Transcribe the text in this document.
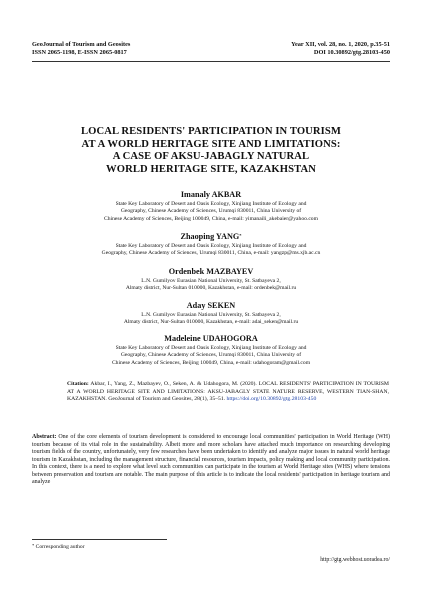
GeoJournal of Tourism and Geosites
ISSN 2065-1198, E-ISSN 2065-0817
Year XII, vol. 28, no. 1, 2020, p.35-51
DOI 10.30892/gtg.28103-450
LOCAL RESIDENTS' PARTICIPATION IN TOURISM
AT A WORLD HERITAGE SITE AND LIMITATIONS:
A CASE OF AKSU-JABAGLY NATURAL
WORLD HERITAGE SITE, KAZAKHSTAN
Imanaly AKBAR
State Key Laboratory of Desert and Oasis Ecology, Xinjiang Institute of Ecology and
Geography, Chinese Academy of Sciences, Urumqi 830011, China University of
Chinese Academy of Sciences, Beijing 100049, China, e-mail: yimanaili_akebaier@yahoo.com
Zhaoping YANG*
State Key Laboratory of Desert and Oasis Ecology, Xinjiang Institute of Ecology and
Geography, Chinese Academy of Sciences, Urumqi 830011, China, e-mail: yangzp@ms.xjb.ac.cn
Ordenbek MAZBAYEV
L.N. Gumilyov Eurasian National University, St. Satbayeva 2,
Almaty district, Nur-Sultan 010000, Kazakhstan, e-mail: ordenbek@mail.ru
Aday SEKEN
L.N. Gumilyov Eurasian National University, St. Satbayeva 2,
Almaty district, Nur-Sultan 010000, Kazakhstan, e-mail: adai_seken@mail.ru
Madeleine UDAHOGORA
State Key Laboratory of Desert and Oasis Ecology, Xinjiang Institute of Ecology and
Geography, Chinese Academy of Sciences, Urumqi 830011, China University of
Chinese Academy of Sciences, Beijing 100049, China, e-mail: udahogoram@gmail.com
Citation: Akbar, I., Yang, Z., Mazbayev, O., Seken, A. & Udahogora, M. (2020). LOCAL RESIDENTS' PARTICIPATION IN TOURISM AT A WORLD HERITAGE SITE AND LIMITATIONS: AKSU-JABAGLY STATE NATURE RESERVE, WESTERN TIAN-SHAN, KAZAKHSTAN. GeoJournal of Tourism and Geosites, 28(1), 35–51. https://doi.org/10.30892/gtg.28103-450
Abstract: One of the core elements of tourism development is considered to encourage local communities' participation in World Heritage (WH) tourism because of its vital role in the sustainability. Albeit more and more scholars have attached much importance on researching developing tourism fields of the country, unfortunately, very few researches have been undertaken to identify and analyze major issues in natural world heritage tourism in Kazakhstan, including the management structure, financial resources, tourism impacts, policy making and local community participation. In this context, there is a need to explore what level such communities can participate in the tourism at World Heritage sites (WHS) where tensions between preservation and tourism are notable. The main purpose of this article is to indicate the local residents' participation in heritage tourism and analyze
* Corresponding author
http://gtg.webhost.uoradea.ro/
